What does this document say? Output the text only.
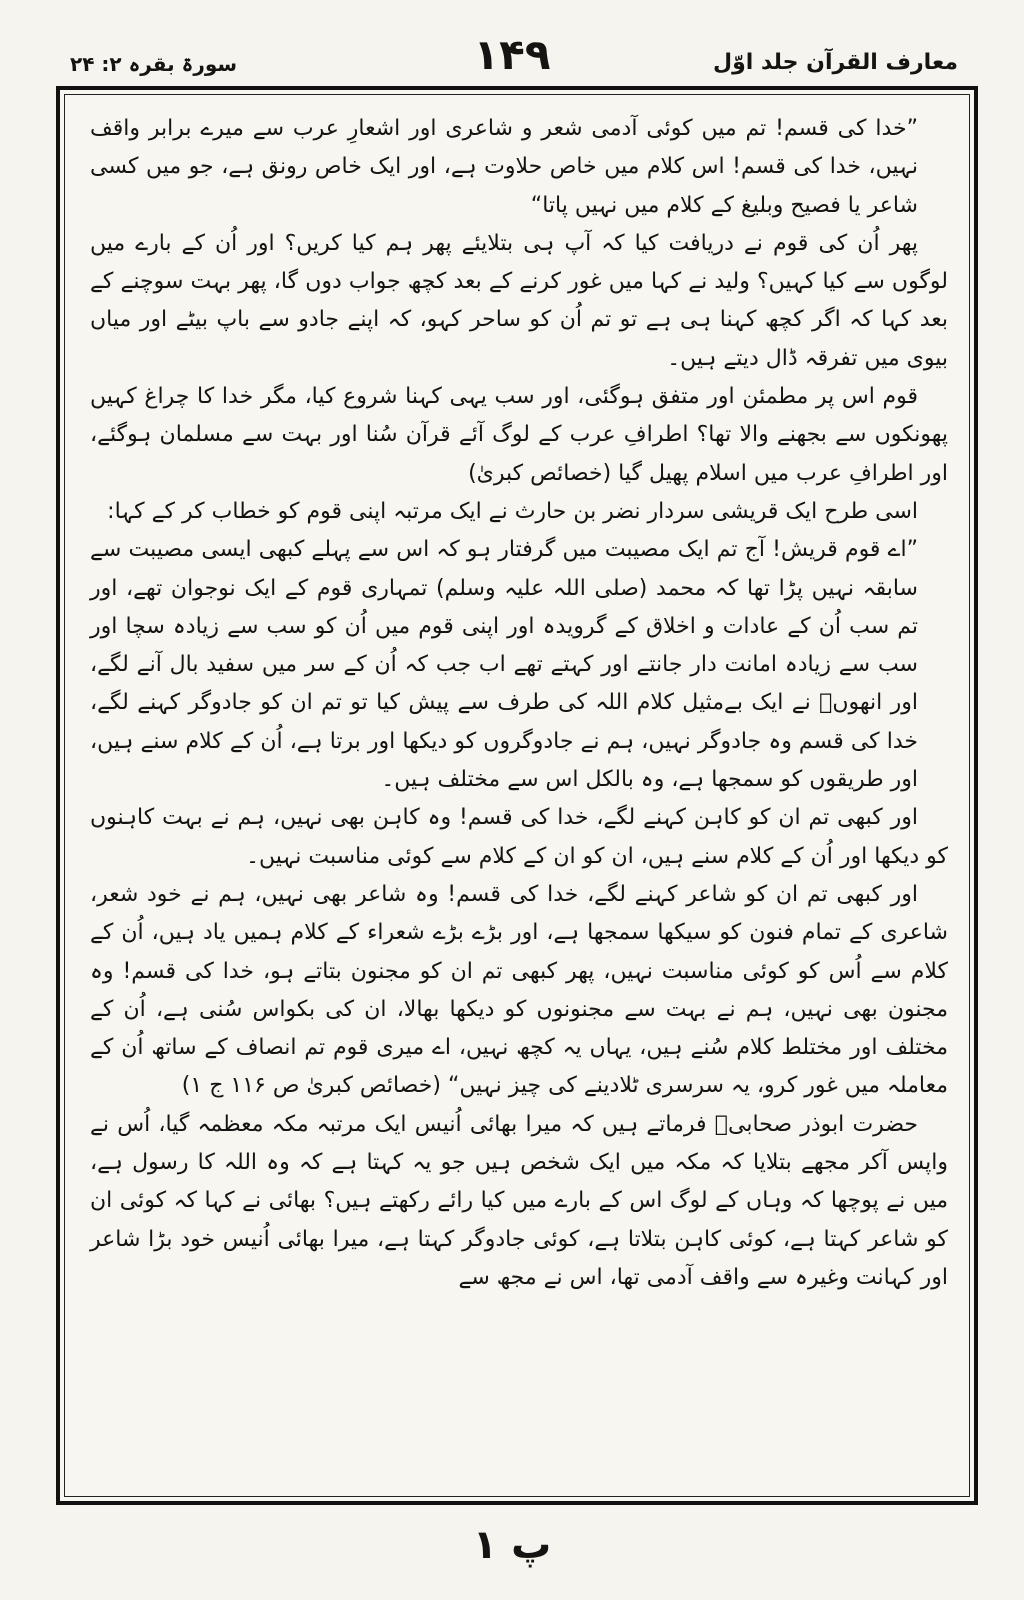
معارف القرآن جلد اوّل
۱۴۹
سورۃ بقرہ ۲: ۲۴

”خدا کی قسم! تم میں کوئی آدمی شعر و شاعری اور اشعارِ عرب سے میرے برابر واقف نہیں، خدا کی قسم! اس کلام میں خاص حلاوت ہے، اور ایک خاص رونق ہے، جو میں کسی شاعر یا فصیح وبلیغ کے کلام میں نہیں پاتا“

پھر اُن کی قوم نے دریافت کیا کہ آپ ہی بتلایئے پھر ہم کیا کریں؟ اور اُن کے بارے میں لوگوں سے کیا کہیں؟ ولید نے کہا میں غور کرنے کے بعد کچھ جواب دوں گا، پھر بہت سوچنے کے بعد کہا کہ اگر کچھ کہنا ہی ہے تو تم اُن کو ساحر کہو، کہ اپنے جادو سے باپ بیٹے اور میاں بیوی میں تفرقہ ڈال دیتے ہیں۔

قوم اس پر مطمئن اور متفق ہوگئی، اور سب یہی کہنا شروع کیا، مگر خدا کا چراغ کہیں پھونکوں سے بجھنے والا تھا؟ اطرافِ عرب کے لوگ آئے قرآن سُنا اور بہت سے مسلمان ہوگئے، اور اطرافِ عرب میں اسلام پھیل گیا (خصائص کبریٰ)

اسی طرح ایک قریشی سردار نضر بن حارث نے ایک مرتبہ اپنی قوم کو خطاب کر کے کہا:

”اے قوم قریش! آج تم ایک مصیبت میں گرفتار ہو کہ اس سے پہلے کبھی ایسی مصیبت سے سابقہ نہیں پڑا تھا کہ محمد (صلی اللہ علیہ وسلم) تمہاری قوم کے ایک نوجوان تھے، اور تم سب اُن کے عادات و اخلاق کے گرویدہ اور اپنی قوم میں اُن کو سب سے زیادہ سچا اور سب سے زیادہ امانت دار جانتے اور کہتے تھے اب جب کہ اُن کے سر میں سفید بال آنے لگے، اور انھوںؐ نے ایک بےمثیل کلام اللہ کی طرف سے پیش کیا تو تم ان کو جادوگر کہنے لگے، خدا کی قسم وہ جادوگر نہیں، ہم نے جادوگروں کو دیکھا اور برتا ہے، اُن کے کلام سنے ہیں، اور طریقوں کو سمجھا ہے، وہ بالکل اس سے مختلف ہیں۔

اور کبھی تم ان کو کاہن کہنے لگے، خدا کی قسم! وہ کاہن بھی نہیں، ہم نے بہت کاہنوں کو دیکھا اور اُن کے کلام سنے ہیں، ان کو ان کے کلام سے کوئی مناسبت نہیں۔

اور کبھی تم ان کو شاعر کہنے لگے، خدا کی قسم! وہ شاعر بھی نہیں، ہم نے خود شعر، شاعری کے تمام فنون کو سیکھا سمجھا ہے، اور بڑے بڑے شعراء کے کلام ہمیں یاد ہیں، اُن کے کلام سے اُس کو کوئی مناسبت نہیں، پھر کبھی تم ان کو مجنون بتاتے ہو، خدا کی قسم! وہ مجنون بھی نہیں، ہم نے بہت سے مجنونوں کو دیکھا بھالا، ان کی بکواس سُنی ہے، اُن کے مختلف اور مختلط کلام سُنے ہیں، یہاں یہ کچھ نہیں، اے میری قوم تم انصاف کے ساتھ اُن کے معاملہ میں غور کرو، یہ سرسری ٹلادینے کی چیز نہیں“ (خصائص کبریٰ ص ۱۱۶ ج ۱)

حضرت ابوذر صحابیؓ فرماتے ہیں کہ میرا بھائی اُنیس ایک مرتبہ مکہ معظمہ گیا، اُس نے واپس آکر مجھے بتلایا کہ مکہ میں ایک شخص ہیں جو یہ کہتا ہے کہ وہ اللہ کا رسول ہے، میں نے پوچھا کہ وہاں کے لوگ اس کے بارے میں کیا رائے رکھتے ہیں؟ بھائی نے کہا کہ کوئی ان کو شاعر کہتا ہے، کوئی کاہن بتلاتا ہے، کوئی جادوگر کہتا ہے، میرا بھائی اُنیس خود بڑا شاعر اور کہانت وغیرہ سے واقف آدمی تھا، اس نے مجھ سے

پ ۱
